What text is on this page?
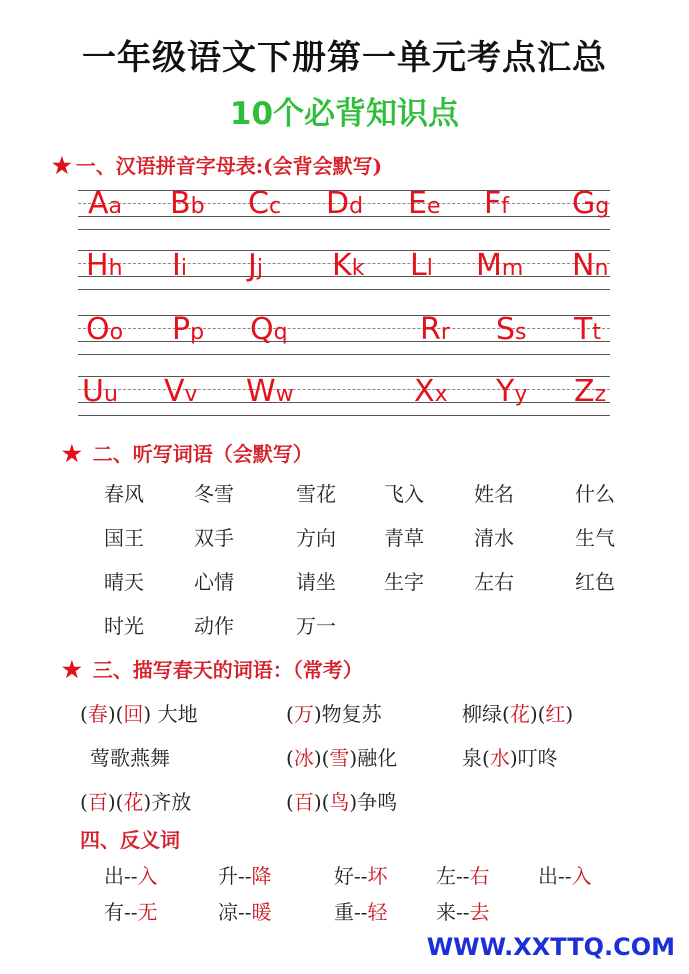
一年级语文下册第一单元考点汇总
10个必背知识点
★ 一、汉语拼音字母表:(会背会默写)
Aa Bb Cc Dd Ee Ff Gg
Hh Ii Jj Kk Ll Mm Nn
Oo Pp Qq	Rr Ss Tt
Uu Vv Ww	Xx Yy Zz
★ 二、听写词语（会默写）
春风	冬雪	雪花 飞入	姓名	什么
国王	双手	方向 青草	清水	生气
晴天	心情	请坐 生字	左右	红色
时光	动作	万一
★ 三、描写春天的词语：（常考）
(春)(回) 大地	(万)物复苏	柳绿(花)(红)
莺歌燕舞	(冰)(雪)融化	泉(水)叮咚
(百)(花)齐放	(百)(鸟)争鸣
四、反义词
出--入	升--降	好--坏 左--右 出--入
有--无	凉--暖	重--轻 来--去
WWW.XXTTQ.COM
